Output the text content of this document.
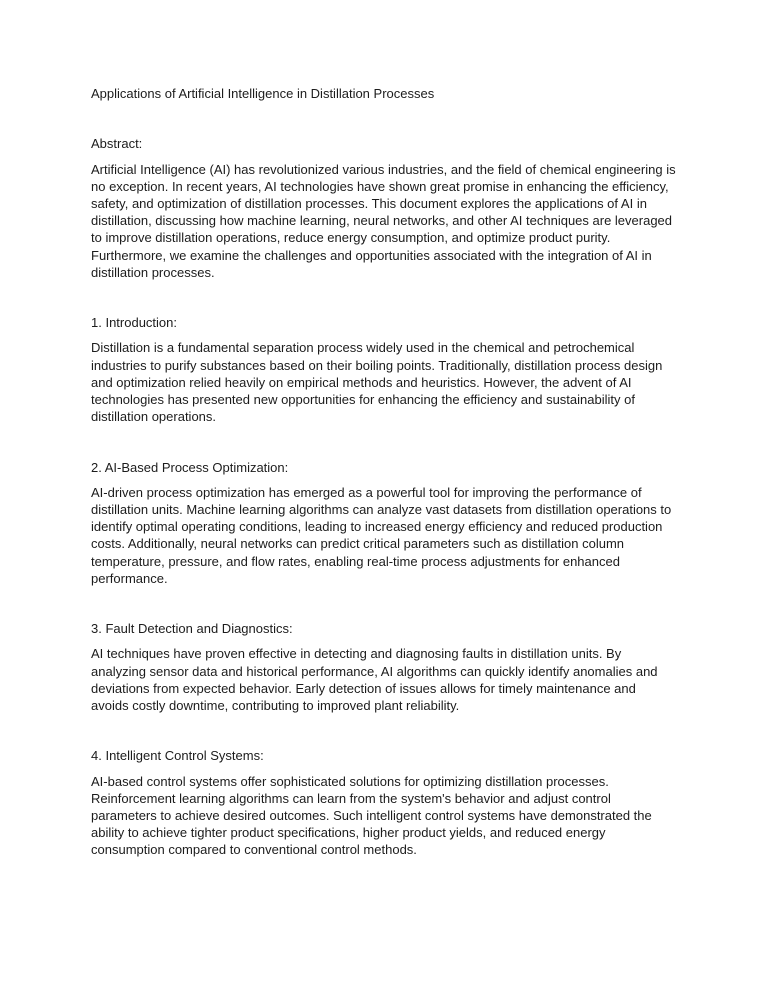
Applications of Artificial Intelligence in Distillation Processes

Abstract:

Artificial Intelligence (AI) has revolutionized various industries, and the field of chemical engineering is no exception. In recent years, AI technologies have shown great promise in enhancing the efficiency, safety, and optimization of distillation processes. This document explores the applications of AI in distillation, discussing how machine learning, neural networks, and other AI techniques are leveraged to improve distillation operations, reduce energy consumption, and optimize product purity. Furthermore, we examine the challenges and opportunities associated with the integration of AI in distillation processes.

1. Introduction:

Distillation is a fundamental separation process widely used in the chemical and petrochemical industries to purify substances based on their boiling points. Traditionally, distillation process design and optimization relied heavily on empirical methods and heuristics. However, the advent of AI technologies has presented new opportunities for enhancing the efficiency and sustainability of distillation operations.

2. AI-Based Process Optimization:

AI-driven process optimization has emerged as a powerful tool for improving the performance of distillation units. Machine learning algorithms can analyze vast datasets from distillation operations to identify optimal operating conditions, leading to increased energy efficiency and reduced production costs. Additionally, neural networks can predict critical parameters such as distillation column temperature, pressure, and flow rates, enabling real-time process adjustments for enhanced performance.

3. Fault Detection and Diagnostics:

AI techniques have proven effective in detecting and diagnosing faults in distillation units. By analyzing sensor data and historical performance, AI algorithms can quickly identify anomalies and deviations from expected behavior. Early detection of issues allows for timely maintenance and avoids costly downtime, contributing to improved plant reliability.

4. Intelligent Control Systems:

AI-based control systems offer sophisticated solutions for optimizing distillation processes. Reinforcement learning algorithms can learn from the system's behavior and adjust control parameters to achieve desired outcomes. Such intelligent control systems have demonstrated the ability to achieve tighter product specifications, higher product yields, and reduced energy consumption compared to conventional control methods.
